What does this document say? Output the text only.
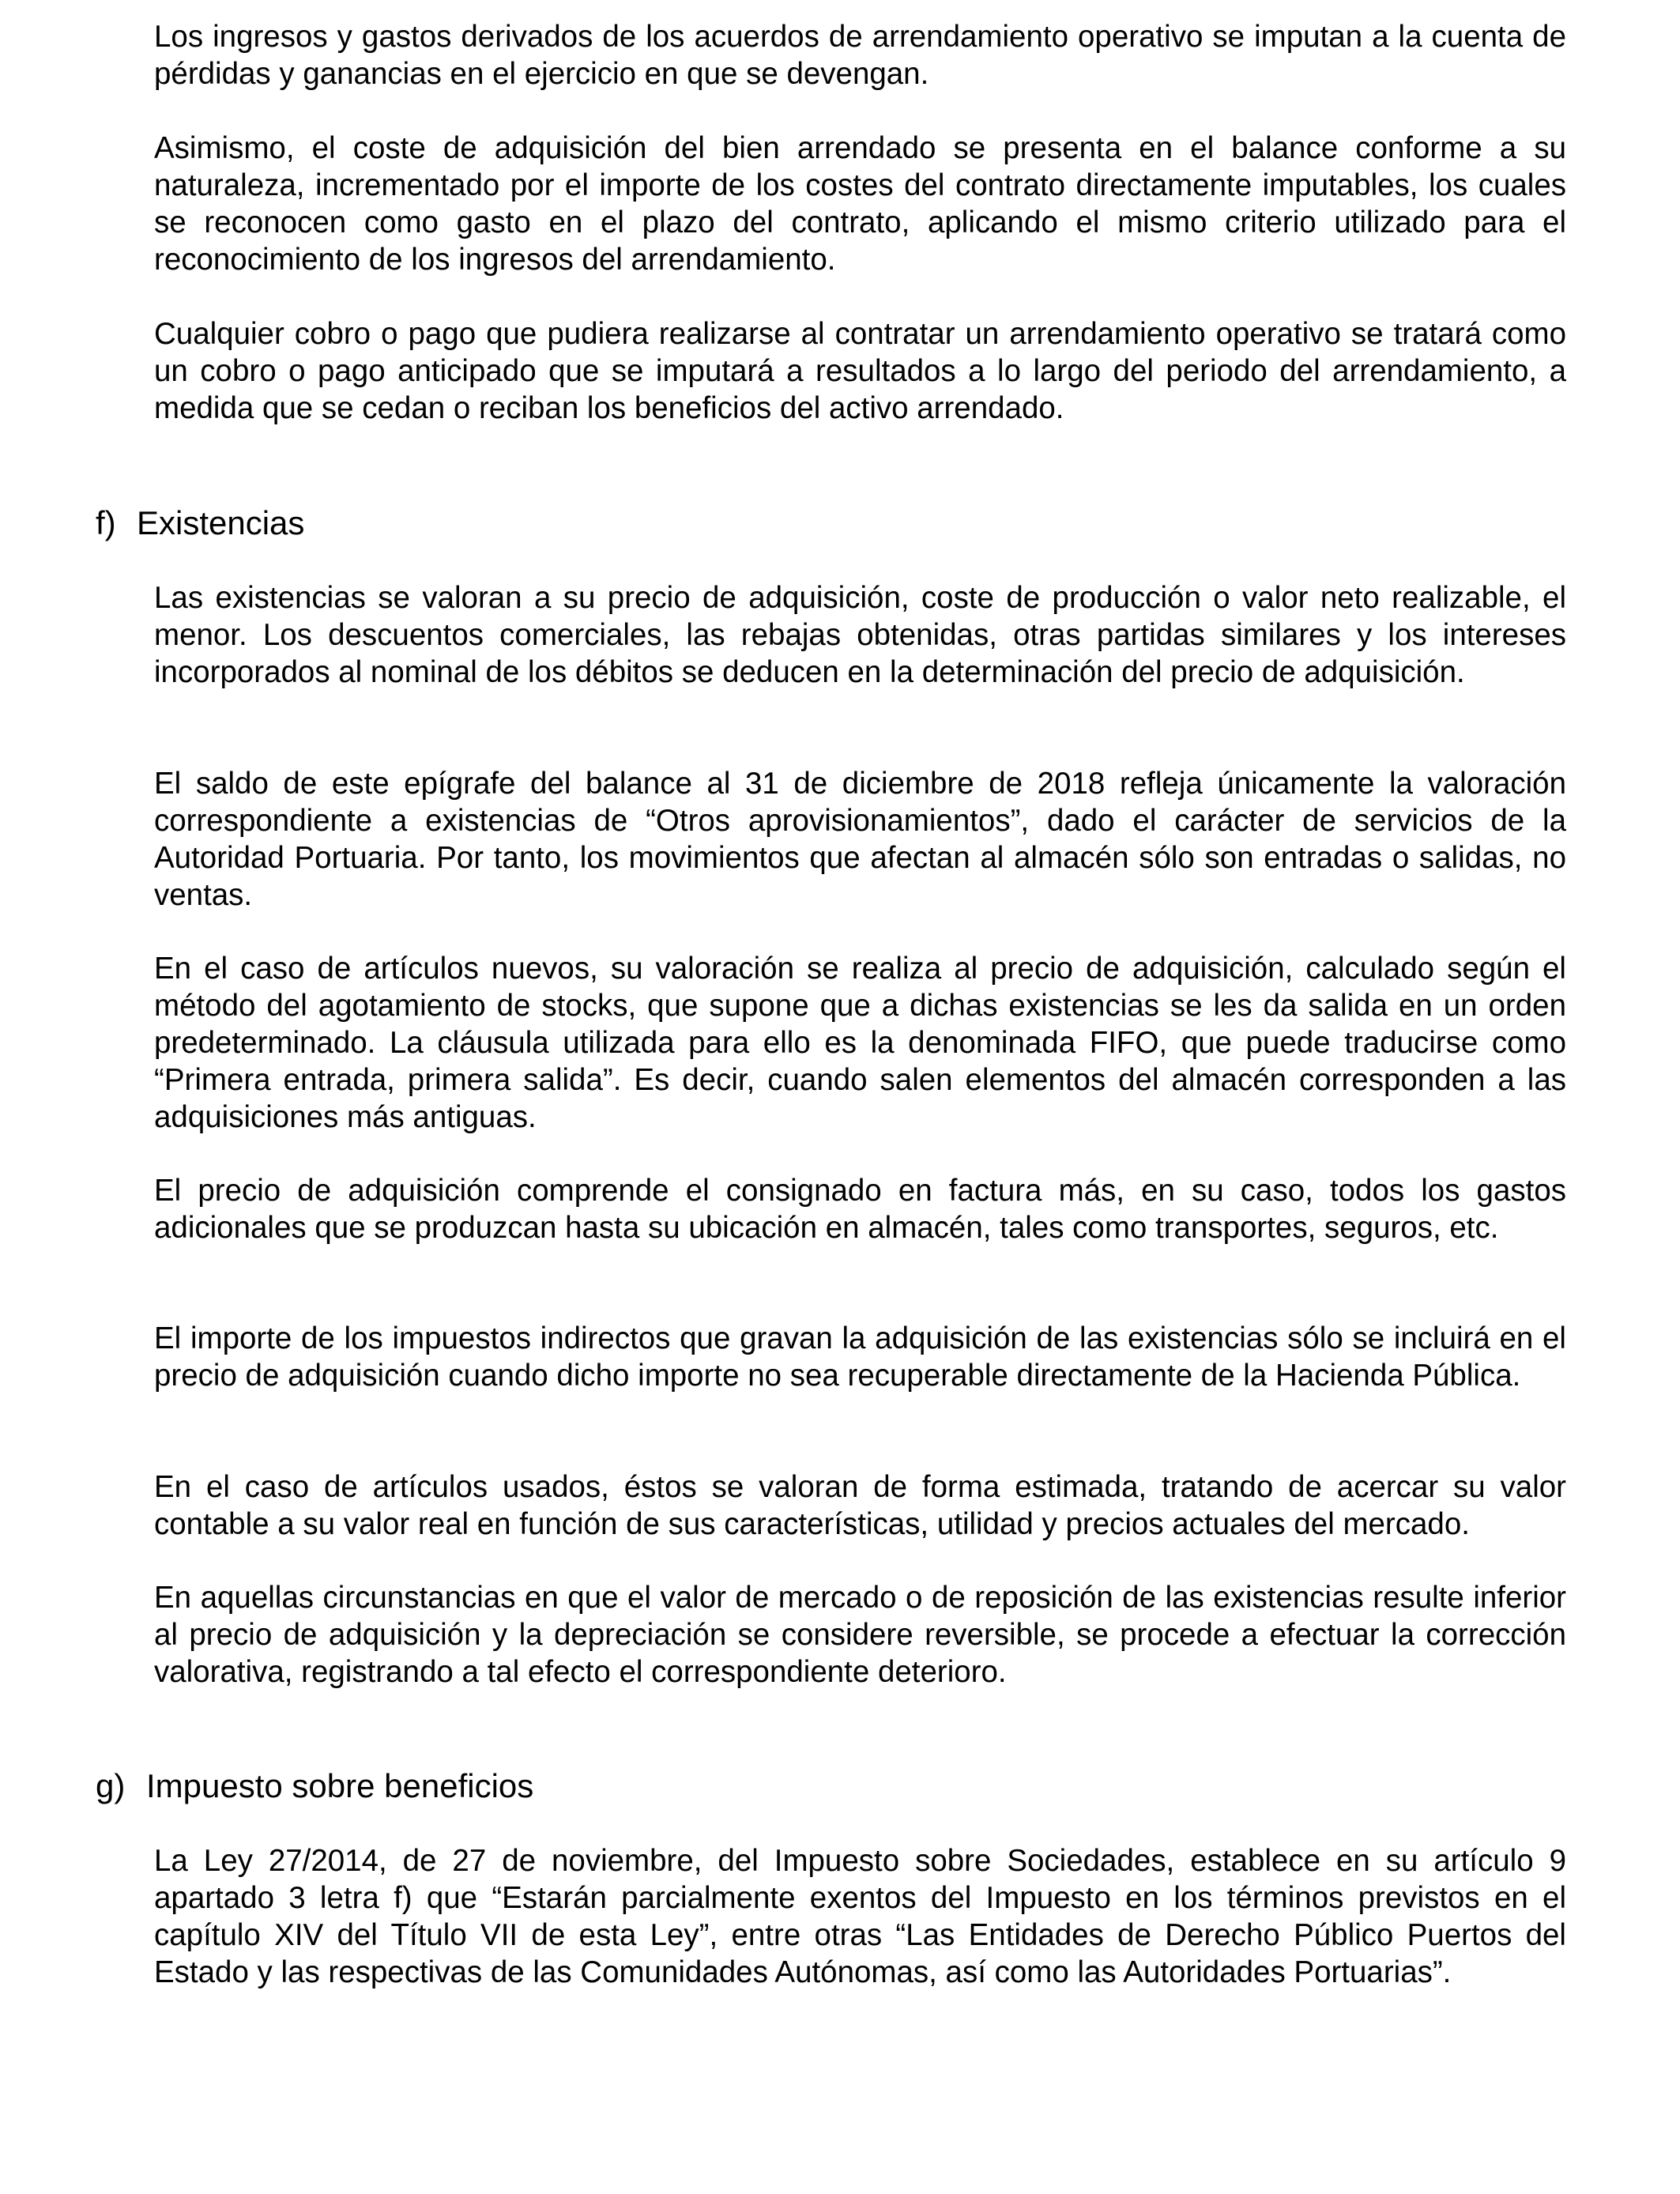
Los ingresos y gastos derivados de los acuerdos de arrendamiento operativo se imputan a la cuenta de pérdidas y ganancias en el ejercicio en que se devengan.

Asimismo, el coste de adquisición del bien arrendado se presenta en el balance conforme a su naturaleza, incrementado por el importe de los costes del contrato directamente imputables, los cuales se reconocen como gasto en el plazo del contrato, aplicando el mismo criterio utilizado para el reconocimiento de los ingresos del arrendamiento.

Cualquier cobro o pago que pudiera realizarse al contratar un arrendamiento operativo se tratará como un cobro o pago anticipado que se imputará a resultados a lo largo del periodo del arrendamiento, a medida que se cedan o reciban los beneficios del activo arrendado.

f) Existencias

Las existencias se valoran a su precio de adquisición, coste de producción o valor neto realizable, el menor. Los descuentos comerciales, las rebajas obtenidas, otras partidas similares y los intereses incorporados al nominal de los débitos se deducen en la determinación del precio de adquisición.

El saldo de este epígrafe del balance al 31 de diciembre de 2018 refleja únicamente la valoración correspondiente a existencias de “Otros aprovisionamientos”, dado el carácter de servicios de la Autoridad Portuaria. Por tanto, los movimientos que afectan al almacén sólo son entradas o salidas, no ventas.

En el caso de artículos nuevos, su valoración se realiza al precio de adquisición, calculado según el método del agotamiento de stocks, que supone que a dichas existencias se les da salida en un orden predeterminado. La cláusula utilizada para ello es la denominada FIFO, que puede traducirse como “Primera entrada, primera salida”. Es decir, cuando salen elementos del almacén corresponden a las adquisiciones más antiguas.

El precio de adquisición comprende el consignado en factura más, en su caso, todos los gastos adicionales que se produzcan hasta su ubicación en almacén, tales como transportes, seguros, etc.

El importe de los impuestos indirectos que gravan la adquisición de las existencias sólo se incluirá en el precio de adquisición cuando dicho importe no sea recuperable directamente de la Hacienda Pública.

En el caso de artículos usados, éstos se valoran de forma estimada, tratando de acercar su valor contable a su valor real en función de sus características, utilidad y precios actuales del mercado.

En aquellas circunstancias en que el valor de mercado o de reposición de las existencias resulte inferior al precio de adquisición y la depreciación se considere reversible, se procede a efectuar la corrección valorativa, registrando a tal efecto el correspondiente deterioro.

g) Impuesto sobre beneficios

La Ley 27/2014, de 27 de noviembre, del Impuesto sobre Sociedades, establece en su artículo 9 apartado 3 letra f) que “Estarán parcialmente exentos del Impuesto en los términos previstos en el capítulo XIV del Título VII de esta Ley”, entre otras “Las Entidades de Derecho Público Puertos del Estado y las respectivas de las Comunidades Autónomas, así como las Autoridades Portuarias”.
